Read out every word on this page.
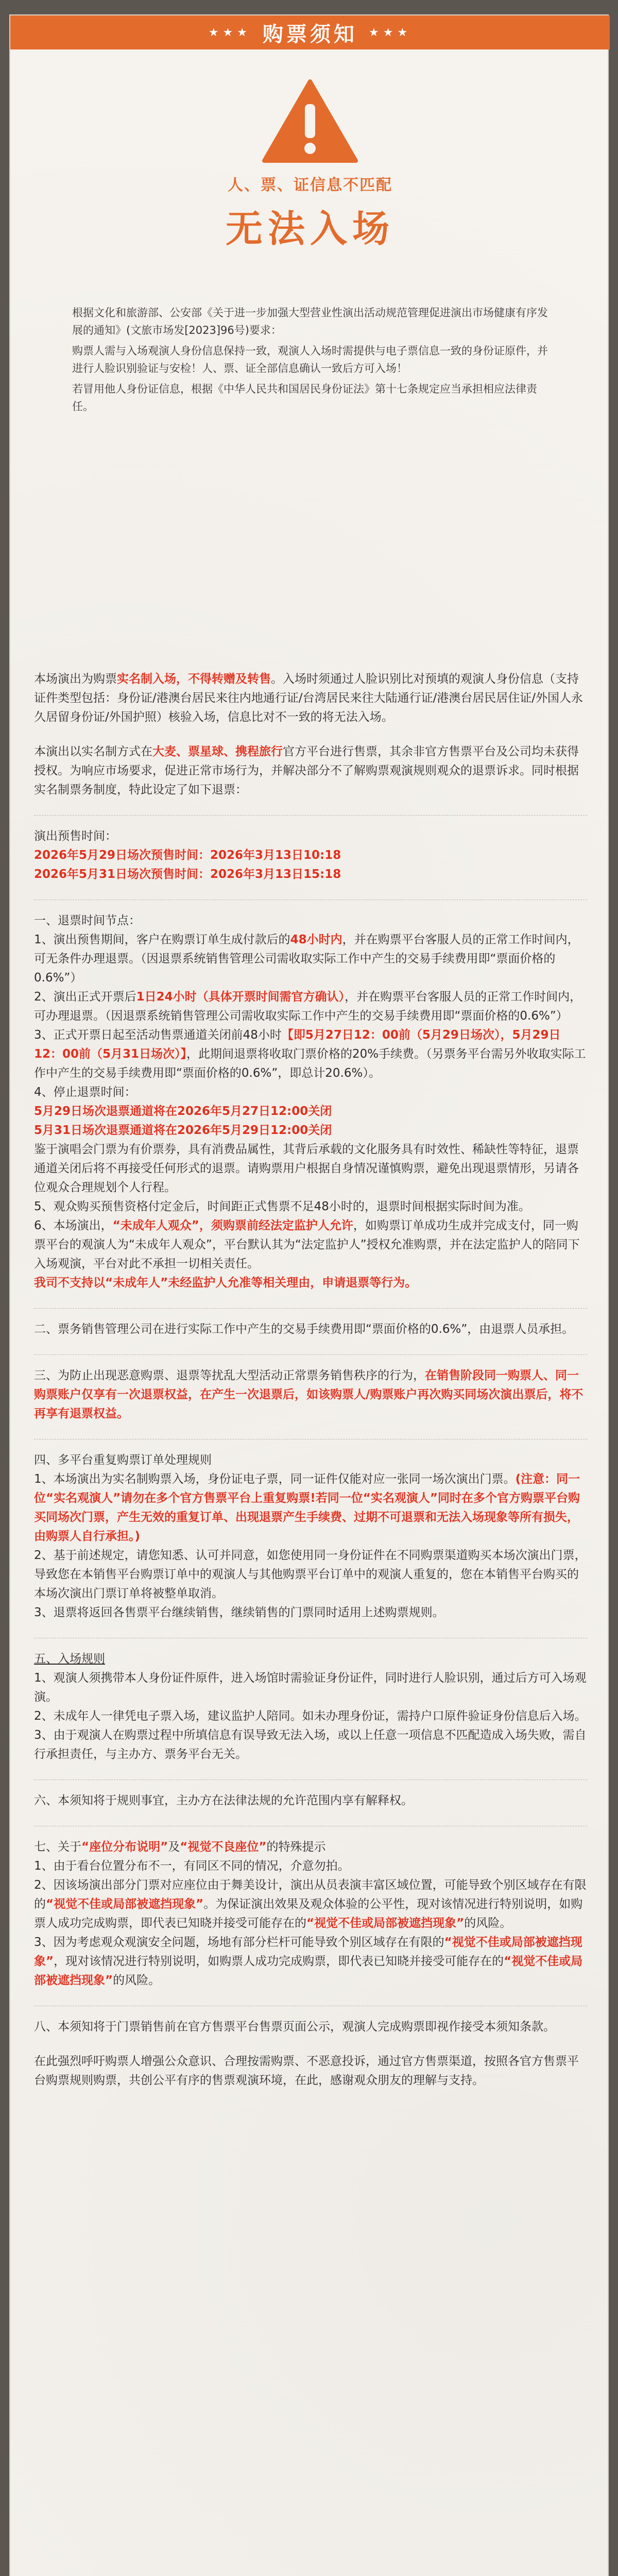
★★★ 购票须知 ★★★
人、票、证信息不匹配
无法入场

根据文化和旅游部、公安部《关于进一步加强大型营业性演出活动规范管理促进演出市场健康有序发展的通知》(文旅市场发[2023]96号)要求：

购票人需与入场观演人身份信息保持一致，观演人入场时需提供与电子票信息一致的身份证原件，并进行人脸识别验证与安检！人、票、证全部信息确认一致后方可入场！

若冒用他人身份证信息，根据《中华人民共和国居民身份证法》第十七条规定应当承担相应法律责任。

本场演出为购票实名制入场，不得转赠及转售。入场时须通过人脸识别比对预填的观演人身份信息（支持证件类型包括：身份证/港澳台居民来往内地通行证/台湾居民来往大陆通行证/港澳台居民居住证/外国人永久居留身份证/外国护照）核验入场，信息比对不一致的将无法入场。

本演出以实名制方式在大麦、票星球、携程旅行官方平台进行售票，其余非官方售票平台及公司均未获得授权。为响应市场要求，促进正常市场行为，并解决部分不了解购票观演规则观众的退票诉求。同时根据实名制票务制度，特此设定了如下退票：

演出预售时间：

2026年5月29日场次预售时间：2026年3月13日10:18

2026年5月31日场次预售时间：2026年3月13日15:18

一、退票时间节点：

1、演出预售期间，客户在购票订单生成付款后的48小时内，并在购票平台客服人员的正常工作时间内，可无条件办理退票。（因退票系统销售管理公司需收取实际工作中产生的交易手续费用即“票面价格的0.6%”）

2、演出正式开票后1日24小时（具体开票时间需官方确认），并在购票平台客服人员的正常工作时间内，可办理退票。（因退票系统销售管理公司需收取实际工作中产生的交易手续费用即“票面价格的0.6%”）

3、正式开票日起至活动售票通道关闭前48小时【即5月27日12：00前（5月29日场次），5月29日12：00前（5月31日场次）】，此期间退票将收取门票价格的20%手续费。（另票务平台需另外收取实际工作中产生的交易手续费用即“票面价格的0.6%”，即总计20.6%）。

4、停止退票时间：

5月29日场次退票通道将在2026年5月27日12:00关闭

5月31日场次退票通道将在2026年5月29日12:00关闭

鉴于演唱会门票为有价票券，具有消费品属性，其背后承载的文化服务具有时效性、稀缺性等特征，退票通道关闭后将不再接受任何形式的退票。请购票用户根据自身情况谨慎购票，避免出现退票情形，另请各位观众合理规划个人行程。

5、观众购买预售资格付定金后，时间距正式售票不足48小时的，退票时间根据实际时间为准。

6、本场演出，“未成年人观众”，须购票前经法定监护人允许，如购票订单成功生成并完成支付，同一购票平台的观演人为“未成年人观众”，平台默认其为“法定监护人”授权允准购票，并在法定监护人的陪同下入场观演，平台对此不承担一切相关责任。

我司不支持以“未成年人”未经监护人允准等相关理由，申请退票等行为。

二、票务销售管理公司在进行实际工作中产生的交易手续费用即“票面价格的0.6%”，由退票人员承担。

三、为防止出现恶意购票、退票等扰乱大型活动正常票务销售秩序的行为，在销售阶段同一购票人、同一购票账户仅享有一次退票权益，在产生一次退票后，如该购票人/购票账户再次购买同场次演出票后，将不再享有退票权益。

四、多平台重复购票订单处理规则

1、本场演出为实名制购票入场，身份证电子票，同一证件仅能对应一张同一场次演出门票。(注意：同一位“实名观演人”请勿在多个官方售票平台上重复购票!若同一位“实名观演人”同时在多个官方购票平台购买同场次门票，产生无效的重复订单、出现退票产生手续费、过期不可退票和无法入场现象等所有损失，由购票人自行承担。)

2、基于前述规定，请您知悉、认可并同意，如您使用同一身份证件在不同购票渠道购买本场次演出门票，导致您在本销售平台购票订单中的观演人与其他购票平台订单中的观演人重复的，您在本销售平台购买的本场次演出门票订单将被整单取消。

3、退票将返回各售票平台继续销售，继续销售的门票同时适用上述购票规则。

五、入场规则

1、观演人须携带本人身份证件原件，进入场馆时需验证身份证件，同时进行人脸识别，通过后方可入场观演。

2、未成年人一律凭电子票入场，建议监护人陪同。如未办理身份证，需持户口原件验证身份信息后入场。

3、由于观演人在购票过程中所填信息有误导致无法入场，或以上任意一项信息不匹配造成入场失败，需自行承担责任，与主办方、票务平台无关。

六、本须知将于规则事宜，主办方在法律法规的允许范围内享有解释权。

七、关于“座位分布说明”及“视觉不良座位”的特殊提示

1、由于看台位置分布不一，有同区不同的情况，介意勿拍。

2、因该场演出部分门票对应座位由于舞美设计，演出从员表演丰富区域位置，可能导致个别区域存在有限的“视觉不佳或局部被遮挡现象”。为保证演出效果及观众体验的公平性，现对该情况进行特别说明，如购票人成功完成购票，即代表已知晓并接受可能存在的“视觉不佳或局部被遮挡现象”的风险。

3、因为考虑观众观演安全问题，场地有部分栏杆可能导致个别区域存在有限的“视觉不佳或局部被遮挡现象”，现对该情况进行特别说明，如购票人成功完成购票，即代表已知晓并接受可能存在的“视觉不佳或局部被遮挡现象”的风险。

八、本须知将于门票销售前在官方售票平台售票页面公示，观演人完成购票即视作接受本须知条款。

在此强烈呼吁购票人增强公众意识、合理按需购票、不恶意投诉，通过官方售票渠道，按照各官方售票平台购票规则购票，共创公平有序的售票观演环境，在此，感谢观众朋友的理解与支持。
